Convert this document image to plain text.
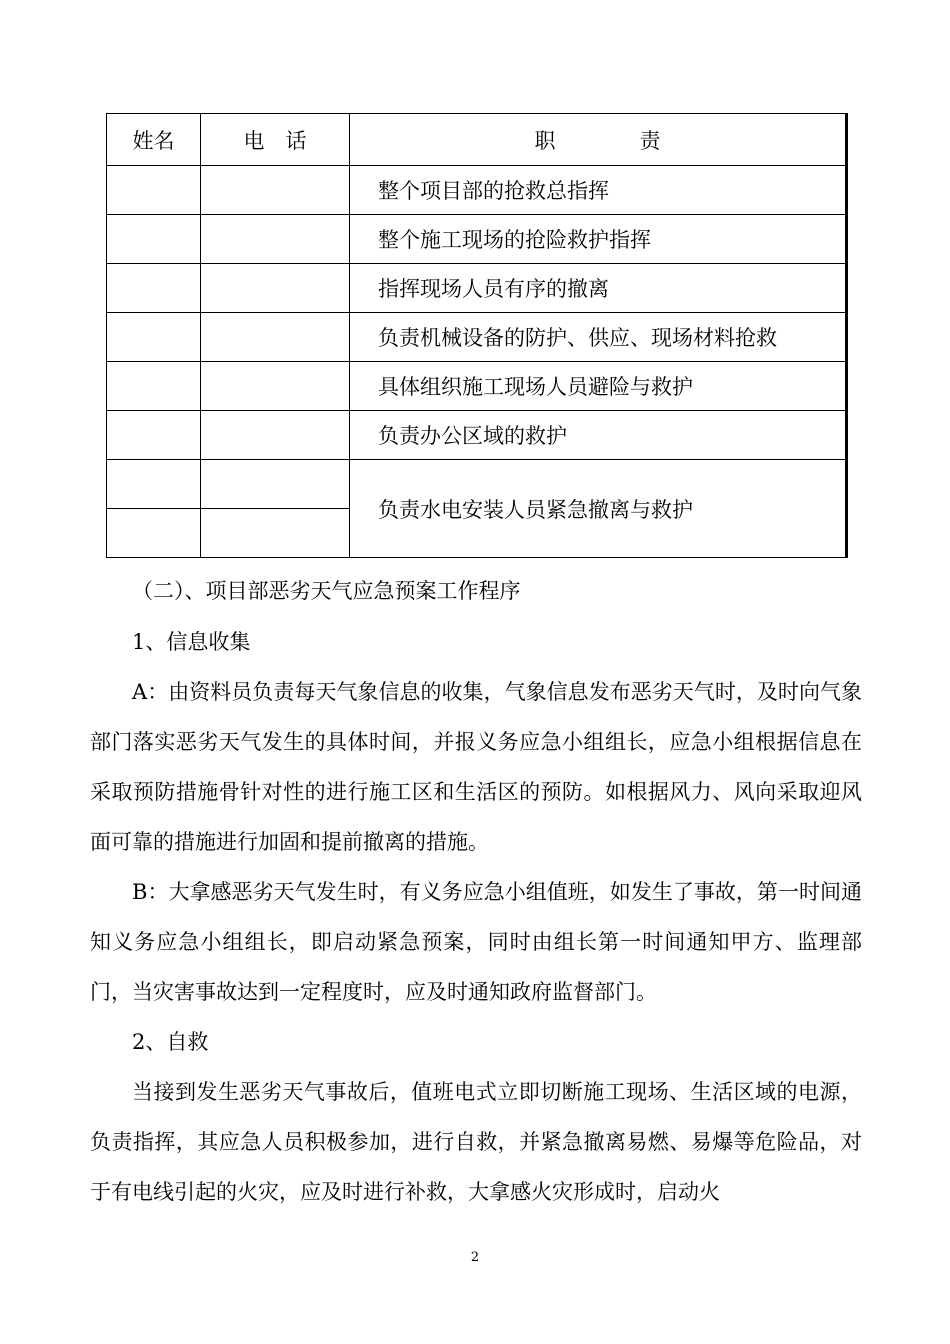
姓名	电　话	职　　　　责
		整个项目部的抢救总指挥
		整个施工现场的抢险救护指挥
		指挥现场人员有序的撤离
		负责机械设备的防护、供应、现场材料抢救
		具体组织施工现场人员避险与救护
		负责办公区域的救护
		负责水电安装人员紧急撤离与救护

（二）、项目部恶劣天气应急预案工作程序

1、信息收集

A：由资料员负责每天气象信息的收集，气象信息发布恶劣天气时，及时向气象部门落实恶劣天气发生的具体时间，并报义务应急小组组长，应急小组根据信息在采取预防措施骨针对性的进行施工区和生活区的预防。如根据风力、风向采取迎风面可靠的措施进行加固和提前撤离的措施。

B：大拿感恶劣天气发生时，有义务应急小组值班，如发生了事故，第一时间通知义务应急小组组长，即启动紧急预案，同时由组长第一时间通知甲方、监理部门，当灾害事故达到一定程度时，应及时通知政府监督部门。

2、自救

当接到发生恶劣天气事故后，值班电式立即切断施工现场、生活区域的电源，负责指挥，其应急人员积极参加，进行自救，并紧急撤离易燃、易爆等危险品，对于有电线引起的火灾，应及时进行补救，大拿感火灾形成时，启动火

2
